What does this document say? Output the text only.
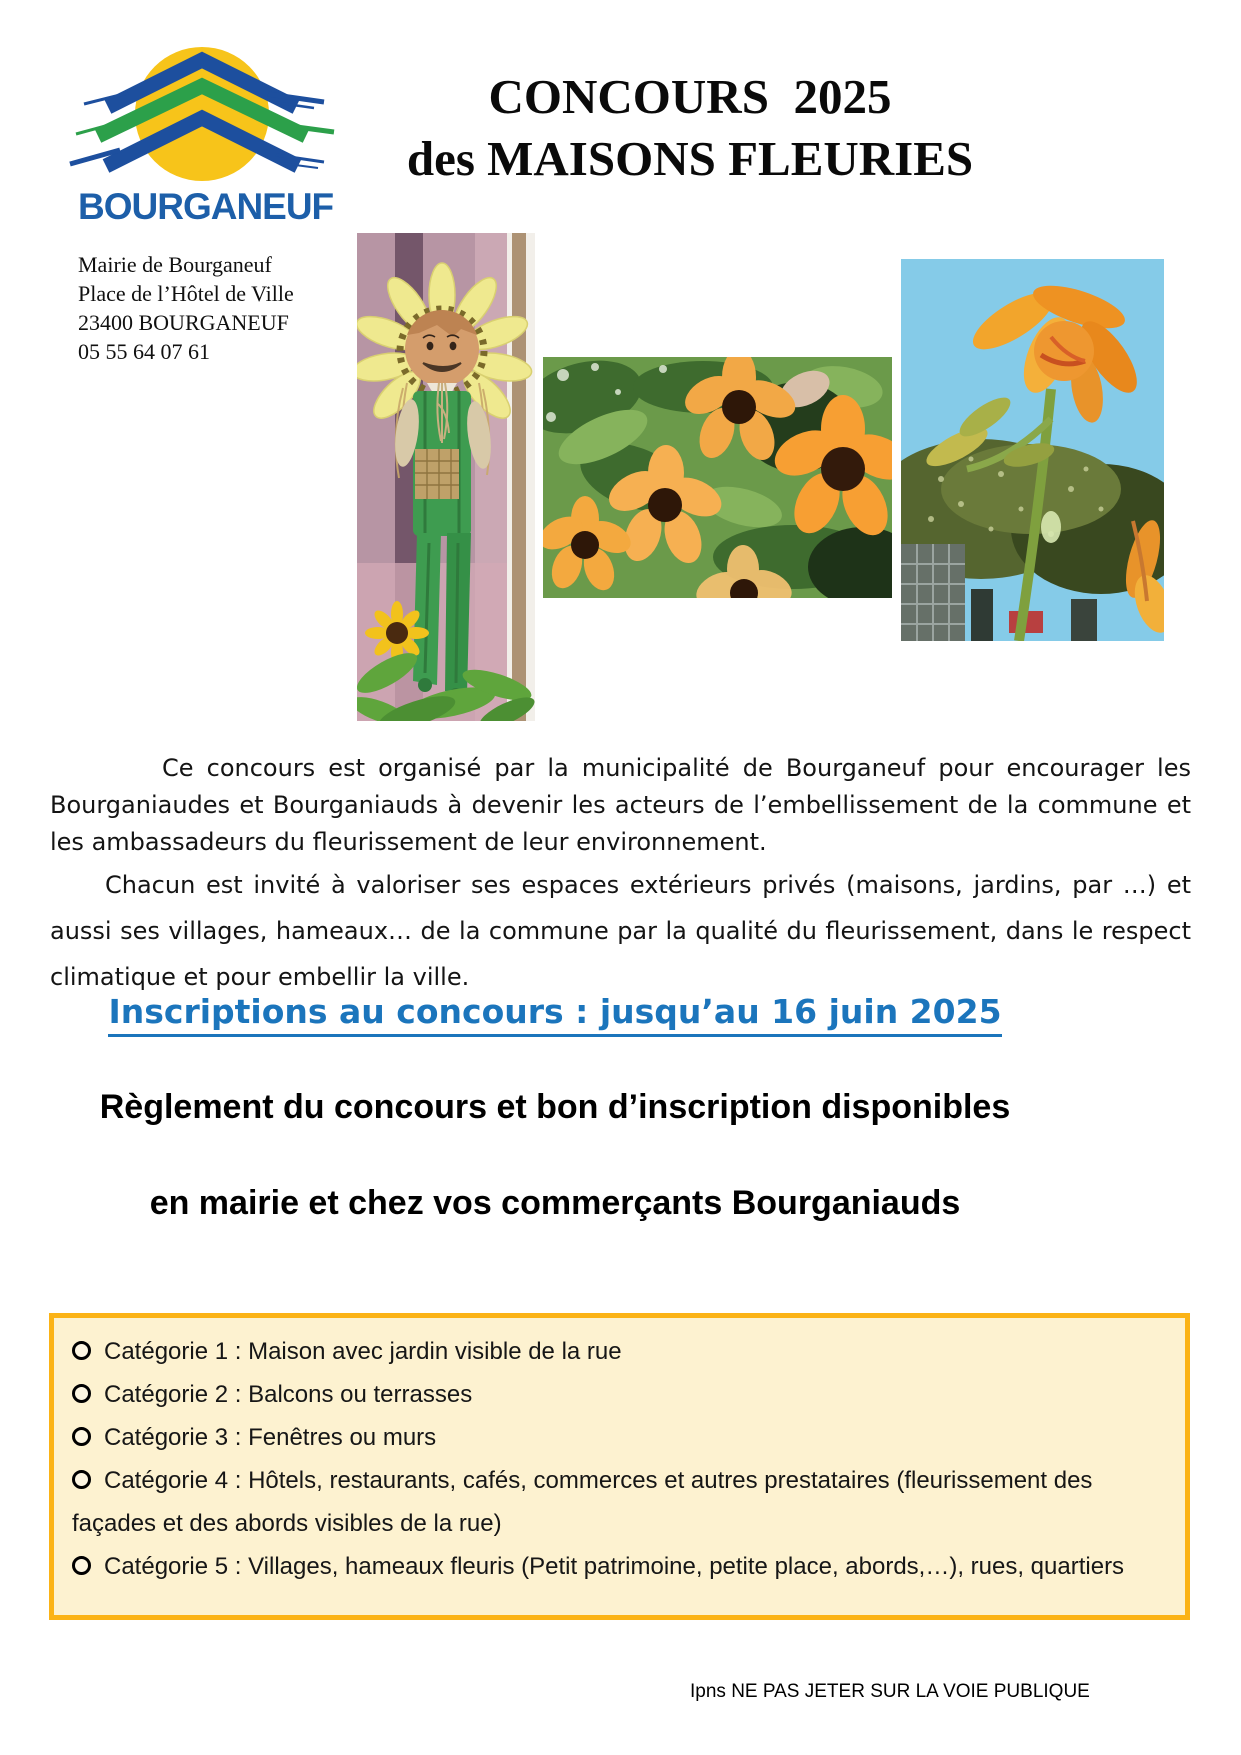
BOURGANEUF
Mairie de Bourganeuf
Place de l’Hôtel de Ville
23400 BOURGANEUF
05 55 64 07 61
CONCOURS  2025
des MAISONS FLEURIES

Ce concours est organisé par la municipalité de Bourganeuf pour encourager les Bourganiaudes et Bourganiauds à devenir les acteurs de l’embellissement de la commune et les ambassadeurs du fleurissement de leur environnement.

Chacun est invité à valoriser ses espaces extérieurs privés (maisons, jardins, par …) et aussi ses villages, hameaux… de la commune par la qualité du fleurissement, dans le respect climatique et pour embellir la ville.

Inscriptions au concours : jusqu’au 16 juin 2025
Règlement du concours et bon d’inscription disponibles
en mairie et chez vos commerçants Bourganiauds

Catégorie 1 : Maison avec jardin visible de la rue

Catégorie 2 : Balcons ou terrasses

Catégorie 3 : Fenêtres ou murs

Catégorie 4 : Hôtels, restaurants, cafés, commerces et autres prestataires (fleurissement des façades et des abords visibles de la rue)

Catégorie 5 : Villages, hameaux fleuris (Petit patrimoine, petite place, abords,…), rues, quartiers

Ipns NE PAS JETER SUR LA VOIE PUBLIQUE
